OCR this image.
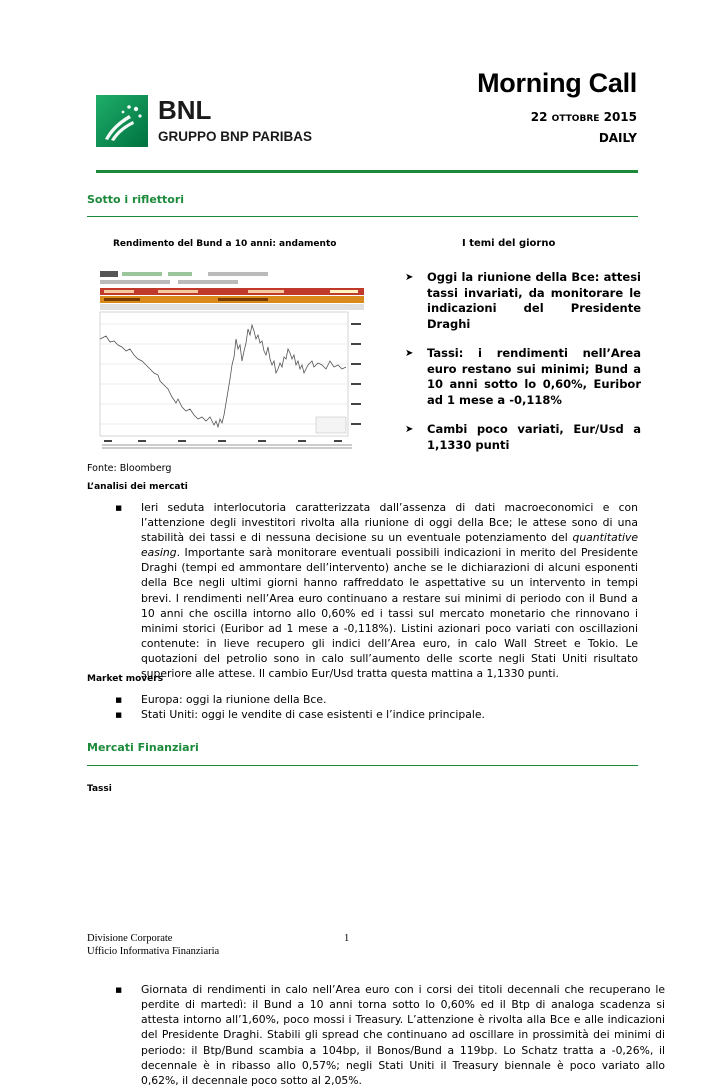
Morning Call
22 OTTOBRE 2015
DAILY
BNL
GRUPPO BNP PARIBAS
Sotto i riflettori
Rendimento del Bund a 10 anni: andamento	I temi del giorno
Fonte: Bloomberg
➤ Oggi la riunione della Bce: attesi tassi invariati, da monitorare le indicazioni del Presidente Draghi
➤ Tassi: i rendimenti nell’Area euro restano sui minimi; Bund a 10 anni sotto lo 0,60%, Euribor ad 1 mese a -0,118%
➤ Cambi poco variati, Eur/Usd a 1,1330 punti
L’analisi dei mercati
▪ Ieri seduta interlocutoria caratterizzata dall’assenza di dati macroeconomici e con l’attenzione degli investitori rivolta alla riunione di oggi della Bce; le attese sono di una stabilità dei tassi e di nessuna decisione su un eventuale potenziamento del quantitative easing. Importante sarà monitorare eventuali possibili indicazioni in merito del Presidente Draghi (tempi ed ammontare dell’intervento) anche se le dichiarazioni di alcuni esponenti della Bce negli ultimi giorni hanno raffreddato le aspettative su un intervento in tempi brevi. I rendimenti nell’Area euro continuano a restare sui minimi di periodo con il Bund a 10 anni che oscilla intorno allo 0,60% ed i tassi sul mercato monetario che rinnovano i minimi storici (Euribor ad 1 mese a -0,118%). Listini azionari poco variati con oscillazioni contenute: in lieve recupero gli indici dell’Area euro, in calo Wall Street e Tokio. Le quotazioni del petrolio sono in calo sull’aumento delle scorte negli Stati Uniti risultato superiore alle attese. Il cambio Eur/Usd tratta questa mattina a 1,1330 punti.
Market movers
▪ Europa: oggi la riunione della Bce.
▪ Stati Uniti: oggi le vendite di case esistenti e l’indice principale.
Mercati Finanziari
Tassi
▪ Giornata di rendimenti in calo nell’Area euro con i corsi dei titoli decennali che recuperano le perdite di martedì: il Bund a 10 anni torna sotto lo 0,60% ed il Btp di analoga scadenza si attesta intorno all’1,60%, poco mossi i Treasury. L’attenzione è rivolta alla Bce e alle indicazioni del Presidente Draghi. Stabili gli spread che continuano ad oscillare in prossimità dei minimi di periodo: il Btp/Bund scambia a 104bp, il Bonos/Bund a 119bp. Lo Schatz tratta a -0,26%, il decennale è in ribasso allo 0,57%; negli Stati Uniti il Treasury biennale è poco variato allo 0,62%, il decennale poco sotto al 2,05%.
Divisione Corporate
Ufficio Informativa Finanziaria
1
